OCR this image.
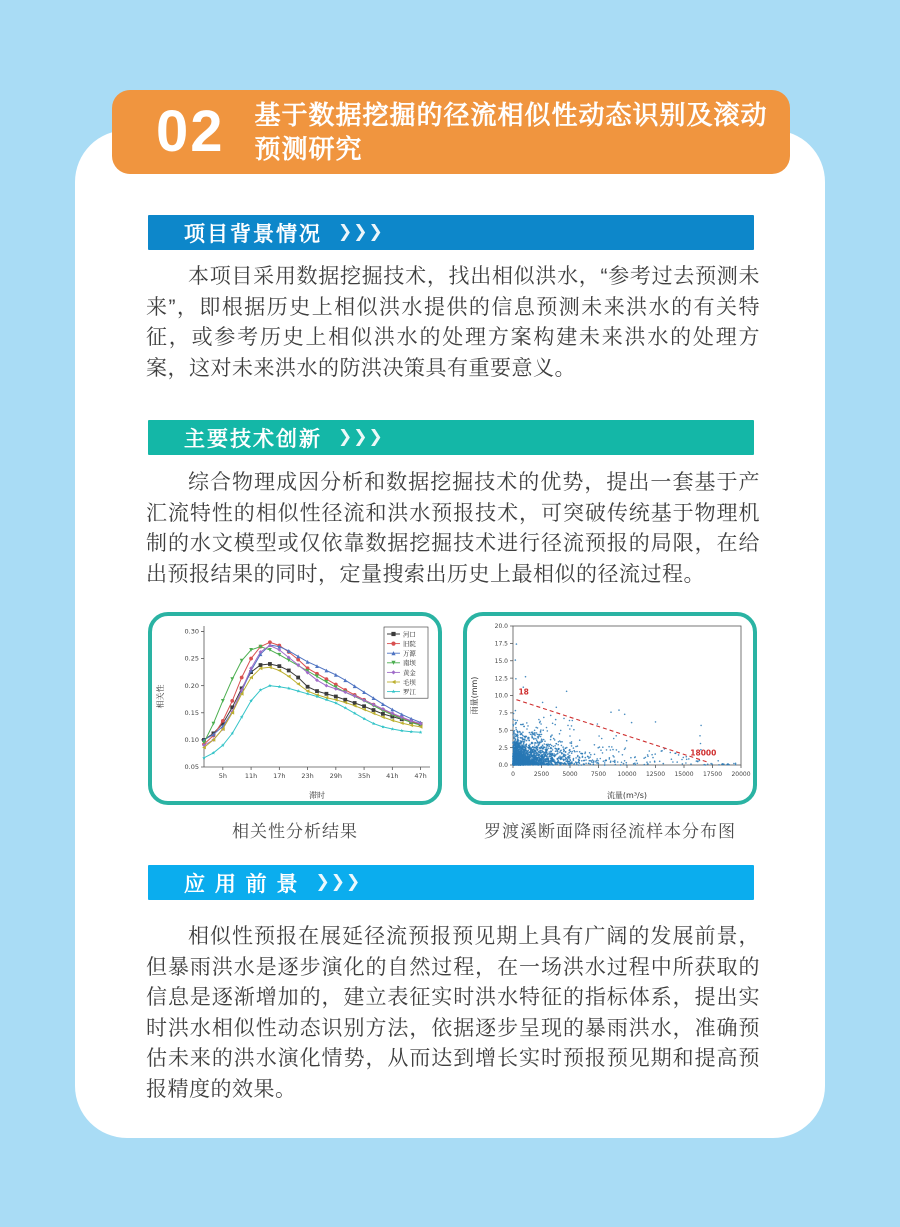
02 基于数据挖掘的径流相似性动态识别及滚动预测研究
项目背景情况 ❯❯❯
本项目采用数据挖掘技术，找出相似洪水，“参考过去预测未来”，即根据历史上相似洪水提供的信息预测未来洪水的有关特征，或参考历史上相似洪水的处理方案构建未来洪水的处理方案，这对未来洪水的防洪决策具有重要意义。
主要技术创新 ❯❯❯
综合物理成因分析和数据挖掘技术的优势，提出一套基于产汇流特性的相似性径流和洪水预报技术，可突破传统基于物理机制的水文模型或仅依靠数据挖掘技术进行径流预报的局限，在给出预报结果的同时，定量搜索出历史上最相似的径流过程。
0.05
0.10
0.15
0.20
0.25
0.30
5h	11h 17h 23h 29h 35h 41h 47h
滞时
相关性
河口
旧院
万源
南坝
黄金
毛坝
罗江
0.0
2.5
5.0
7.5
10.0
12.5
15.0
17.5
20.0
0	2500 5000 7500 10000 12500 15000 17500 20000
流量(m³/s)
雨量(mm)	18
18000
相关性分析结果	罗渡溪断面降雨径流样本分布图
应 用 前 景 ❯❯❯
相似性预报在展延径流预报预见期上具有广阔的发展前景，但暴雨洪水是逐步演化的自然过程，在一场洪水过程中所获取的信息是逐渐增加的，建立表征实时洪水特征的指标体系，提出实时洪水相似性动态识别方法，依据逐步呈现的暴雨洪水，准确预估未来的洪水演化情势，从而达到增长实时预报预见期和提高预报精度的效果。
